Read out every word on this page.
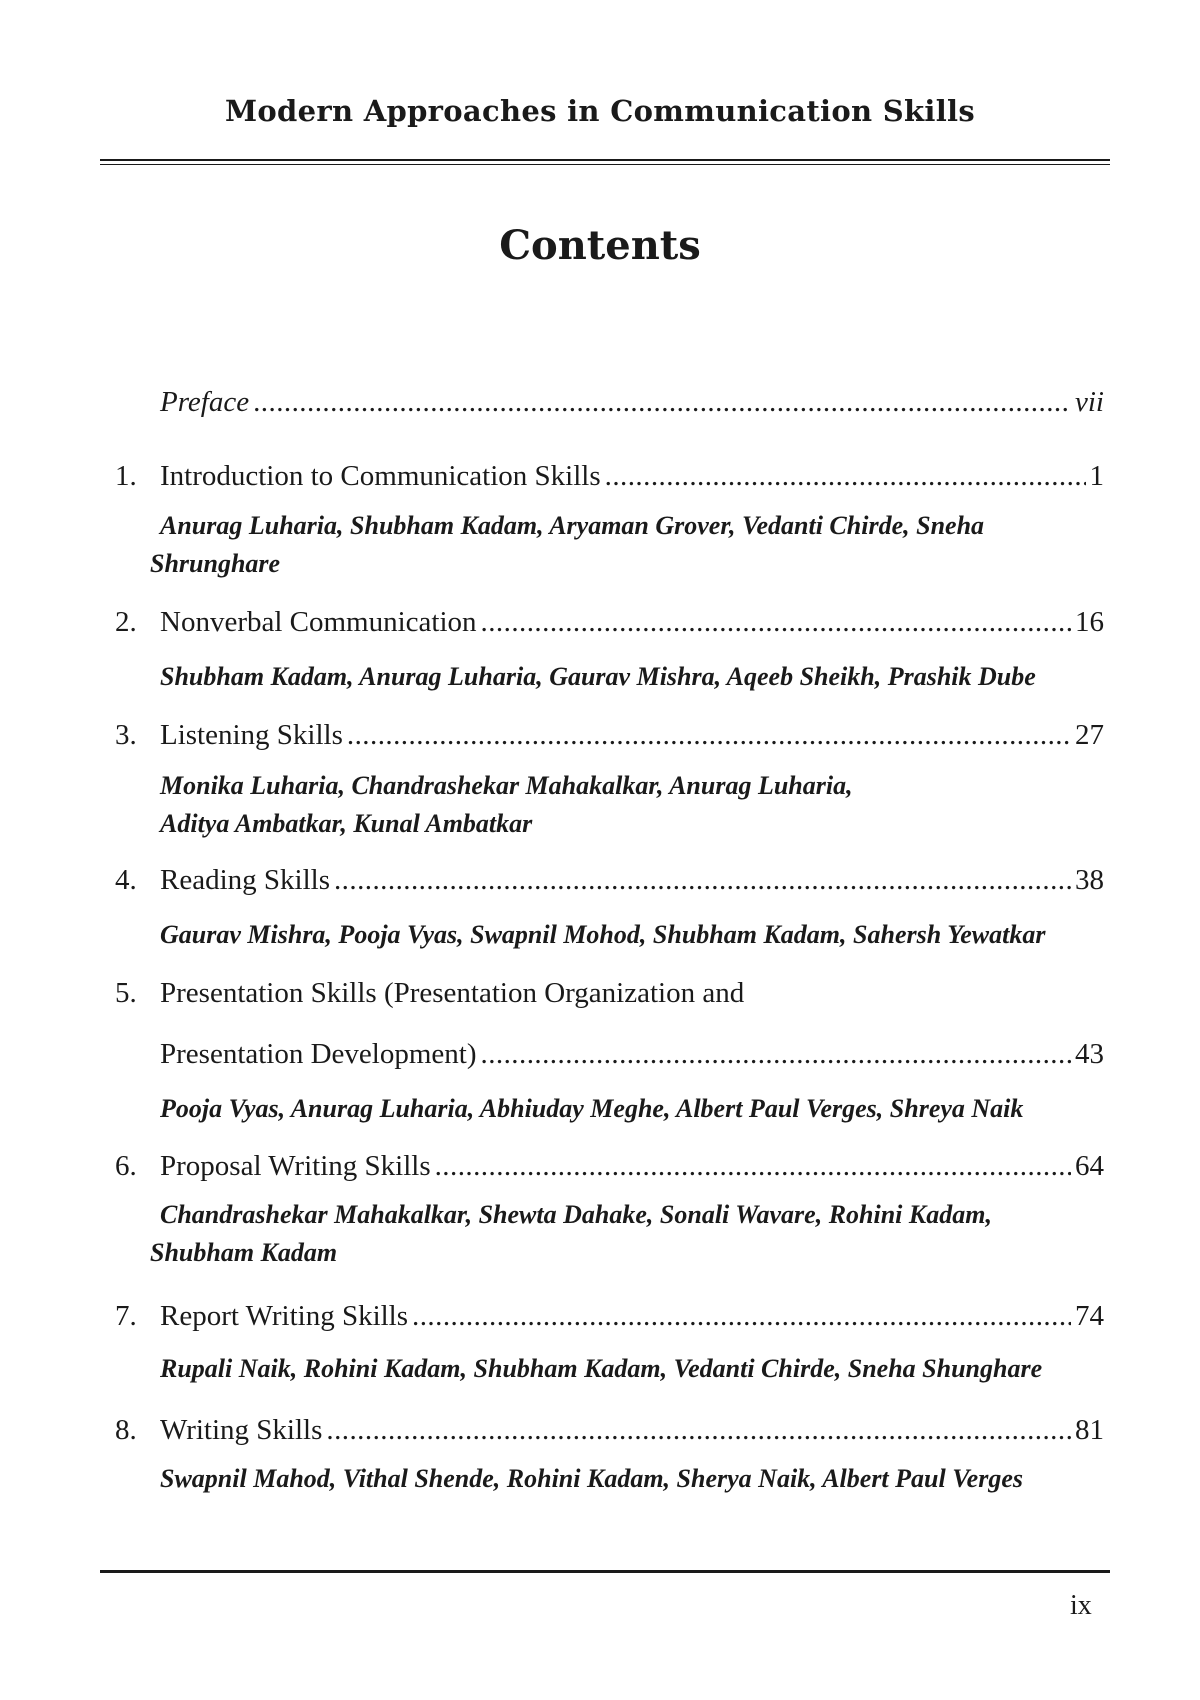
Modern Approaches in Communication Skills
Contents
Preface . . .	vii
1. Introduction to Communication Skills . . .	1
Anurag Luharia, Shubham Kadam, Aryaman Grover, Vedanti Chirde, Sneha
Shrunghare
2. Nonverbal Communication . . .	16
Shubham Kadam, Anurag Luharia, Gaurav Mishra, Aqeeb Sheikh, Prashik Dube
3. Listening Skills . . .	27
Monika Luharia, Chandrashekar Mahakalkar, Anurag Luharia,
Aditya Ambatkar, Kunal Ambatkar
4. Reading Skills . . .	38
Gaurav Mishra, Pooja Vyas, Swapnil Mohod, Shubham Kadam, Sahersh Yewatkar
5. Presentation Skills (Presentation Organization and
Presentation Development) . . .	43
Pooja Vyas, Anurag Luharia, Abhiuday Meghe, Albert Paul Verges, Shreya Naik
6. Proposal Writing Skills . . .	64
Chandrashekar Mahakalkar, Shewta Dahake, Sonali Wavare, Rohini Kadam,
Shubham Kadam
7. Report Writing Skills . . .	74
Rupali Naik, Rohini Kadam, Shubham Kadam, Vedanti Chirde, Sneha Shunghare
8. Writing Skills . . .	81
Swapnil Mahod, Vithal Shende, Rohini Kadam, Sherya Naik, Albert Paul Verges
ix
